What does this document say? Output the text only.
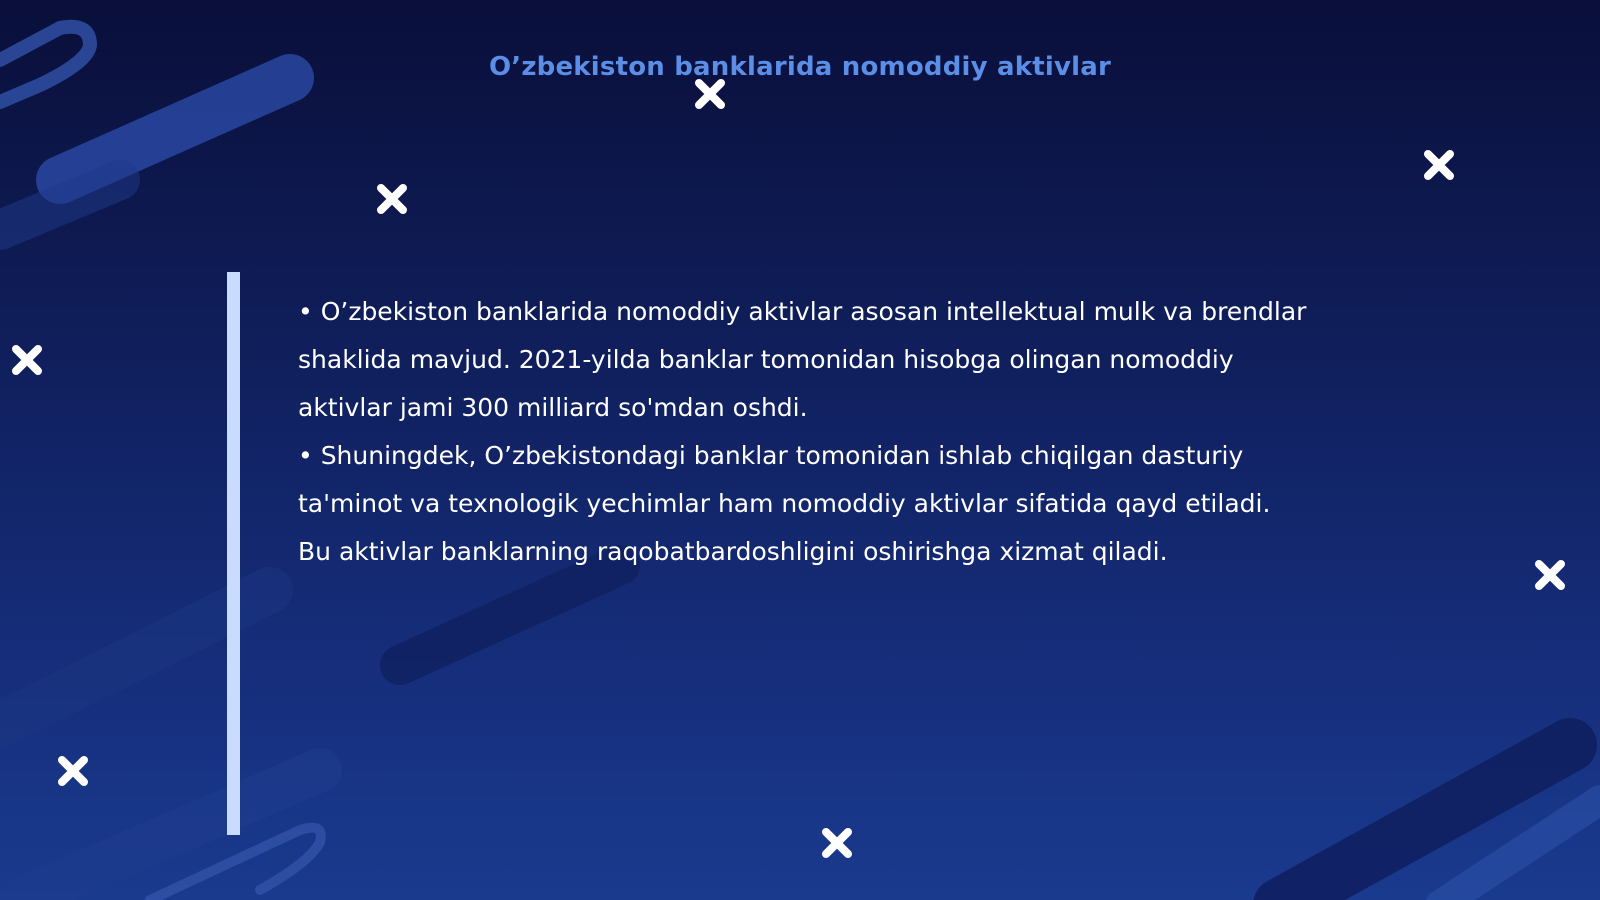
O’zbekiston banklarida nomoddiy aktivlar

• O’zbekiston banklarida nomoddiy aktivlar asosan intellektual mulk va brendlar shaklida mavjud. 2021-yilda banklar tomonidan hisobga olingan nomoddiy aktivlar jami 300 milliard so'mdan oshdi.

• Shuningdek, O’zbekistondagi banklar tomonidan ishlab chiqilgan dasturiy ta'minot va texnologik yechimlar ham nomoddiy aktivlar sifatida qayd etiladi. Bu aktivlar banklarning raqobatbardoshligini oshirishga xizmat qiladi.
